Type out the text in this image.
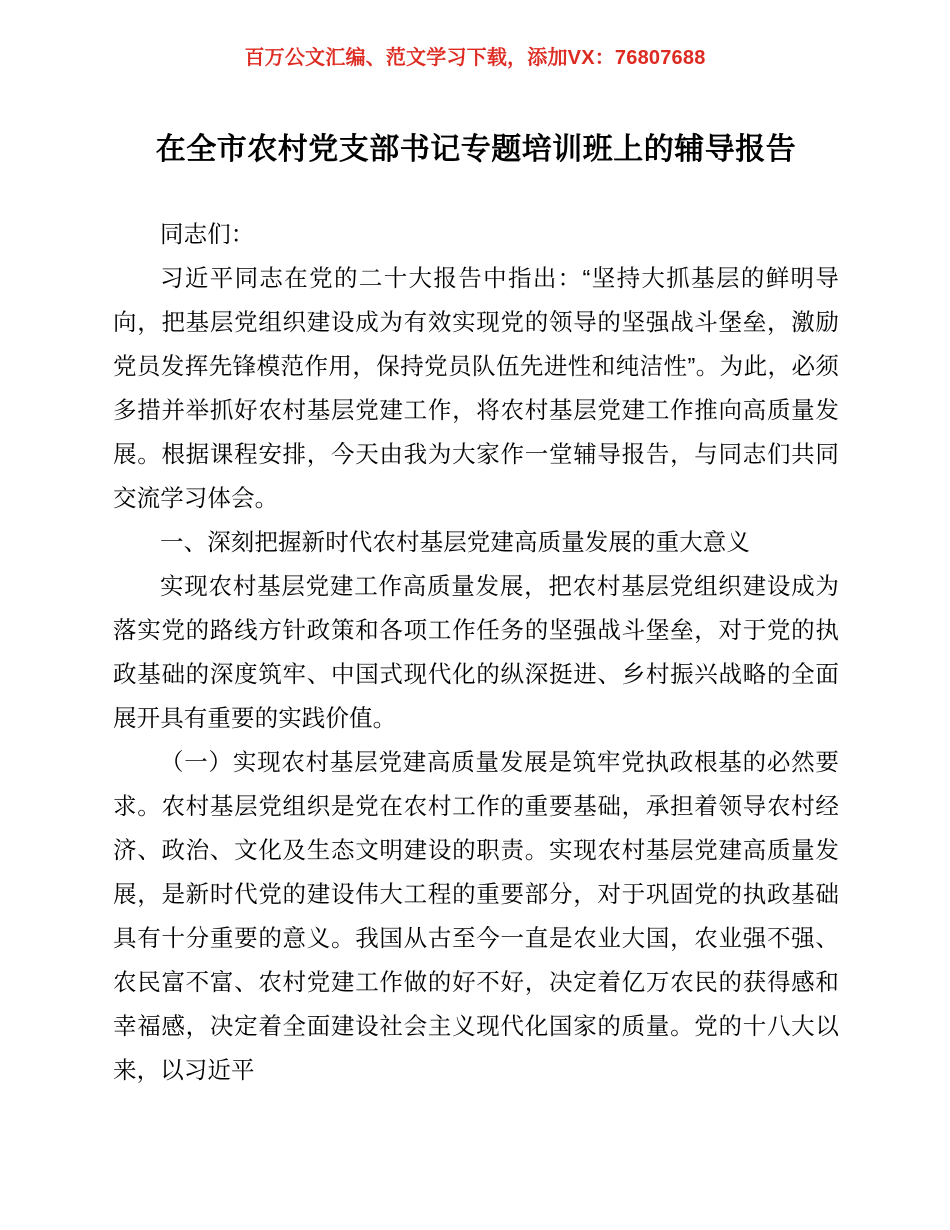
百万公文汇编、范文学习下载，添加VX：76807688
在全市农村党支部书记专题培训班上的辅导报告

同志们：

习近平同志在党的二十大报告中指出：“坚持大抓基层的鲜明导向，把基层党组织建设成为有效实现党的领导的坚强战斗堡垒，激励党员发挥先锋模范作用，保持党员队伍先进性和纯洁性”。为此，必须多措并举抓好农村基层党建工作，将农村基层党建工作推向高质量发展。根据课程安排，今天由我为大家作一堂辅导报告，与同志们共同交流学习体会。

一、深刻把握新时代农村基层党建高质量发展的重大意义

实现农村基层党建工作高质量发展，把农村基层党组织建设成为落实党的路线方针政策和各项工作任务的坚强战斗堡垒，对于党的执政基础的深度筑牢、中国式现代化的纵深挺进、乡村振兴战略的全面展开具有重要的实践价值。

（一）实现农村基层党建高质量发展是筑牢党执政根基的必然要求。农村基层党组织是党在农村工作的重要基础，承担着领导农村经济、政治、文化及生态文明建设的职责。实现农村基层党建高质量发展，是新时代党的建设伟大工程的重要部分，对于巩固党的执政基础具有十分重要的意义。我国从古至今一直是农业大国，农业强不强、农民富不富、农村党建工作做的好不好，决定着亿万农民的获得感和幸福感，决定着全面建设社会主义现代化国家的质量。党的十八大以来，以习近平
